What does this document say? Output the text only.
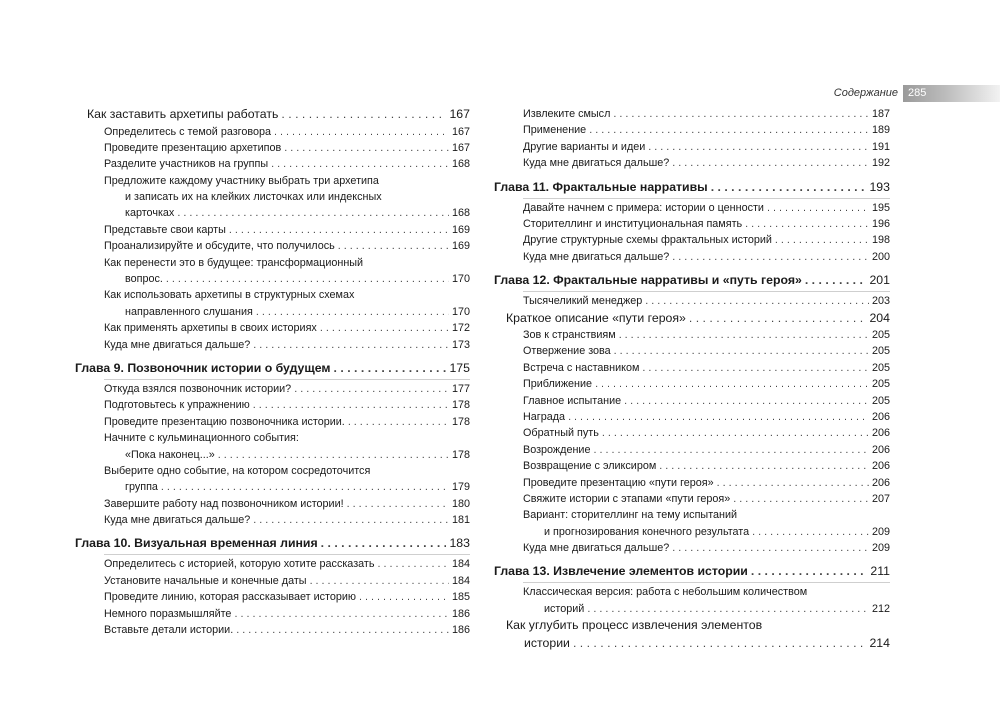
Содержание 285
Как заставить архетипы работать . . .	167
Определитесь с темой разговора . . .	167
Проведите презентацию архетипов . . .	167
Разделите участников на группы . . .	168
Предложите каждому участнику выбрать три архетипа
и записать их на клейких листочках или индексных
карточках . . .	168
Представьте свои карты . . .	169
Проанализируйте и обсудите, что получилось . . .	169
Как перенести это в будущее: трансформационный
вопрос. . . .	170
Как использовать архетипы в структурных схемах
направленного слушания . . .	170
Как применять архетипы в своих историях . . .	172
Куда мне двигаться дальше? . . .	173
Глава 9. Позвоночник истории о будущем . . .	175
Откуда взялся позвоночник истории? . . .	177
Подготовьтесь к упражнению . . .	178
Проведите презентацию позвоночника истории. . . .	178
Начните с кульминационного события:
«Пока наконец...» . . .	178
Выберите одно событие, на котором сосредоточится
группа . . .	179
Завершите работу над позвоночником истории! . . .	180
Куда мне двигаться дальше? . . .	181
Глава 10. Визуальная временная линия . . .	183
Определитесь с историей, которую хотите рассказать . . .	184
Установите начальные и конечные даты . . .	184
Проведите линию, которая рассказывает историю . . .	185
Немного поразмышляйте . . .	186
Вставьте детали истории. . . .	186
Извлеките смысл . . .	187
Применение . . .	189
Другие варианты и идеи . . .	191
Куда мне двигаться дальше? . . .	192
Глава 11. Фрактальные нарративы . . .	193
Давайте начнем с примера: истории о ценности . . .	195
Сторителлинг и институциональная память . . .	196
Другие структурные схемы фрактальных историй . . .	198
Куда мне двигаться дальше? . . .	200
Глава 12. Фрактальные нарративы и «путь героя» . . .	201
Тысячеликий менеджер . . .	203
Краткое описание «пути героя» . . .	204
Зов к странствиям . . .	205
Отвержение зова . . .	205
Встреча с наставником . . .	205
Приближение . . .	205
Главное испытание . . .	205
Награда . . .	206
Обратный путь . . .	206
Возрождение . . .	206
Возвращение с эликсиром . . .	206
Проведите презентацию «пути героя» . . .	206
Свяжите истории с этапами «пути героя» . . .	207
Вариант: сторителлинг на тему испытаний
и прогнозирования конечного результата . . .	209
Куда мне двигаться дальше? . . .	209
Глава 13. Извлечение элементов истории . . .	211
Классическая версия: работа с небольшим количеством
историй . . .	212
Как углубить процесс извлечения элементов
истории . . .	214
